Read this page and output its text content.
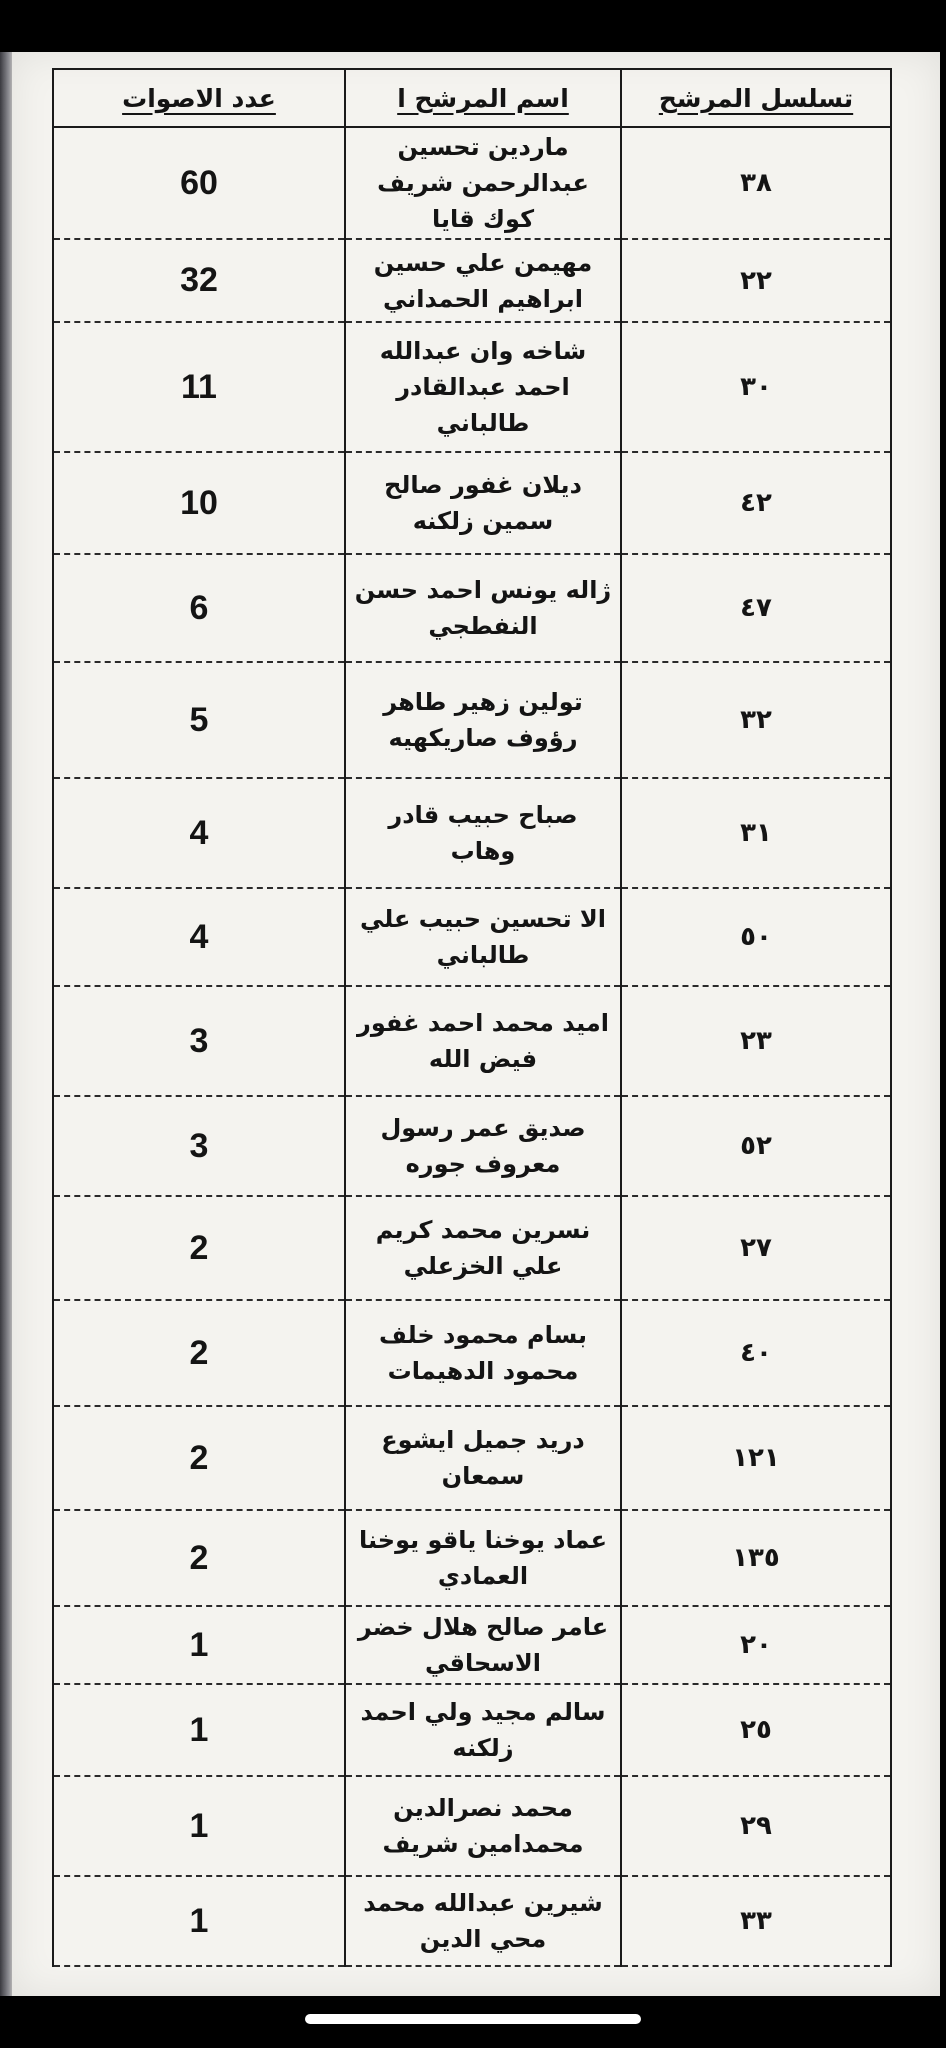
تسلسل المرشح	اسم المرشح ا	عدد الاصوات
٣٨	ماردين تحسين عبدالرحمن شريف كوك قايا	60
٢٢	مهيمن علي حسين ابراهيم الحمداني	32
٣٠	شاخه وان عبدالله احمد عبدالقادر طالباني	11
٤٢	ديلان غفور صالح سمين زلكنه	10
٤٧	ژاله يونس احمد حسن النفطجي	6
٣٢	تولين زهير طاهر رؤوف صاريكهيه	5
٣١	صباح حبيب قادر وهاب	4
٥٠	الا تحسين حبيب علي طالباني	4
٢٣	اميد محمد احمد غفور فيض الله	3
٥٢	صديق عمر رسول معروف جوره	3
٢٧	نسرين محمد كريم علي الخزعلي	2
٤٠	بسام محمود خلف محمود الدهيمات	2
١٢١	دريد جميل ايشوع سمعان	2
١٣٥	عماد يوخنا ياقو يوخنا العمادي	2
٢٠	عامر صالح هلال خضر الاسحاقي	1
٢٥	سالم مجيد ولي احمد زلكنه	1
٢٩	محمد نصرالدين محمدامين شريف	1
٣٣	شيرين عبدالله محمد محي الدين	1
